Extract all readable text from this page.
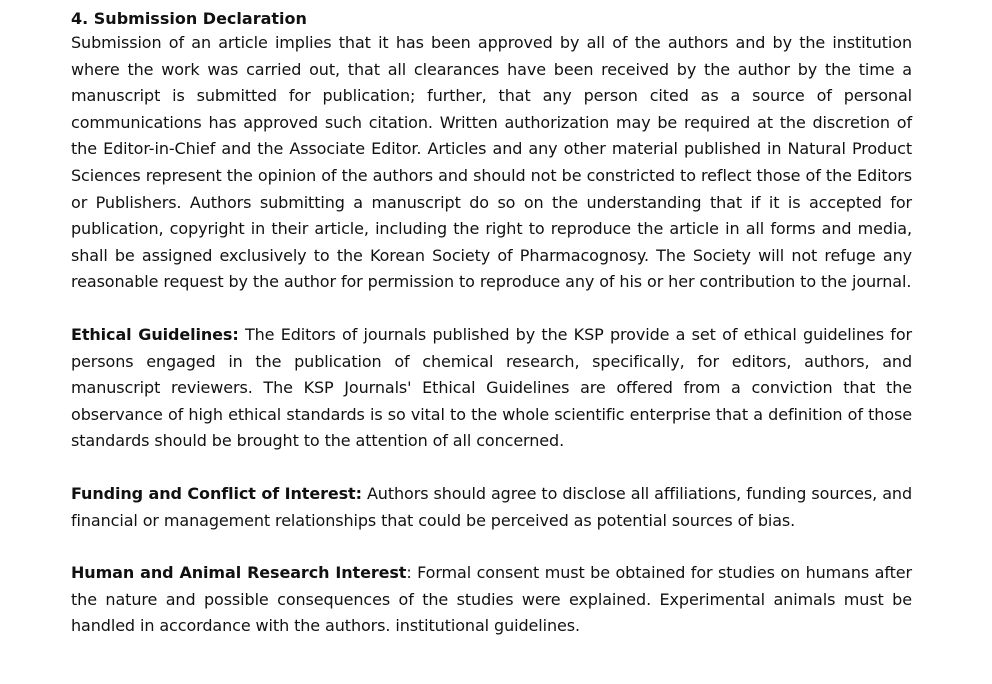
4. Submission Declaration

Submission of an article implies that it has been approved by all of the authors and by the institution where the work was carried out, that all clearances have been received by the author by the time a manuscript is submitted for publication; further, that any person cited as a source of personal communications has approved such citation. Written authorization may be required at the discretion of the Editor-in-Chief and the Associate Editor. Articles and any other material published in Natural Product Sciences represent the opinion of the authors and should not be constricted to reflect those of the Editors or Publishers. Authors submitting a manuscript do so on the understanding that if it is accepted for publication, copyright in their article, including the right to reproduce the article in all forms and media, shall be assigned exclusively to the Korean Society of Pharmacognosy. The Society will not refuge any reasonable request by the author for permission to reproduce any of his or her contribution to the journal.

Ethical Guidelines: The Editors of journals published by the KSP provide a set of ethical guidelines for persons engaged in the publication of chemical research, specifically, for editors, authors, and manuscript reviewers. The KSP Journals' Ethical Guidelines are offered from a conviction that the observance of high ethical standards is so vital to the whole scientific enterprise that a definition of those standards should be brought to the attention of all concerned.

Funding and Conflict of Interest: Authors should agree to disclose all affiliations, funding sources, and financial or management relationships that could be perceived as potential sources of bias.

Human and Animal Research Interest: Formal consent must be obtained for studies on humans after the nature and possible consequences of the studies were explained. Experimental animals must be handled in accordance with the authors. institutional guidelines.
